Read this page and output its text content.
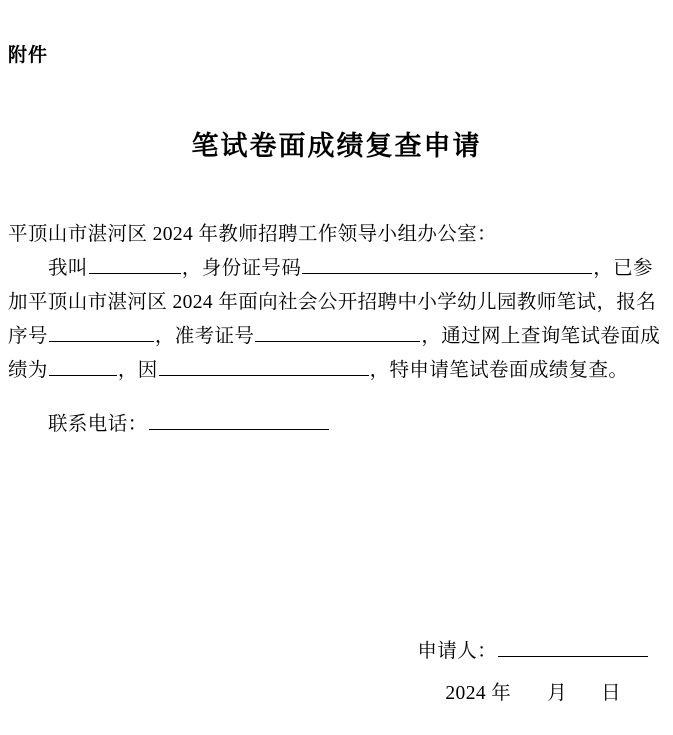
附件
笔试卷面成绩复查申请

平顶山市湛河区 2024 年教师招聘工作领导小组办公室：

我叫	，身份证号码	，已参加平顶山市湛河区 2024 年面向社会公开招聘中小学幼儿园教师笔试，报名序号	，准考证号	，通过网上查询笔试卷面成绩为	，因	，特申请笔试卷面成绩复查。

联系电话：

申请人：
2024 年 月 日
